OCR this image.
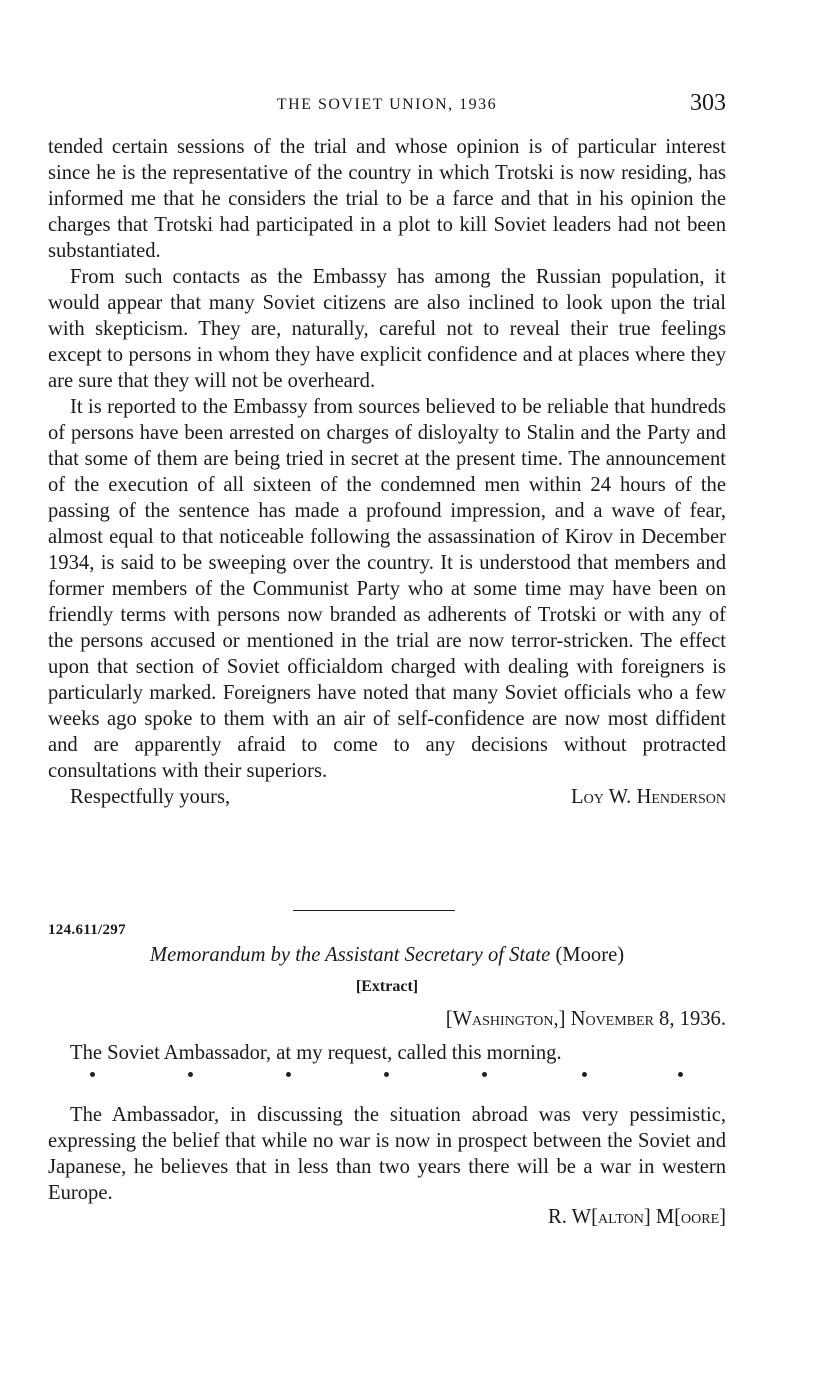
THE SOVIET UNION, 1936	303

tended certain sessions of the trial and whose opinion is of particular interest since he is the representative of the country in which Trotski is now residing, has informed me that he considers the trial to be a farce and that in his opinion the charges that Trotski had participated in a plot to kill Soviet leaders had not been substantiated.

From such contacts as the Embassy has among the Russian population, it would appear that many Soviet citizens are also inclined to look upon the trial with skepticism. They are, naturally, careful not to reveal their true feelings except to persons in whom they have explicit confidence and at places where they are sure that they will not be overheard.

It is reported to the Embassy from sources believed to be reliable that hundreds of persons have been arrested on charges of disloyalty to Stalin and the Party and that some of them are being tried in secret at the present time. The announcement of the execution of all sixteen of the condemned men within 24 hours of the passing of the sentence has made a profound impression, and a wave of fear, almost equal to that noticeable following the assassination of Kirov in December 1934, is said to be sweeping over the country. It is understood that members and former members of the Communist Party who at some time may have been on friendly terms with persons now branded as adherents of Trotski or with any of the persons accused or mentioned in the trial are now terror-stricken. The effect upon that section of Soviet officialdom charged with dealing with foreigners is particularly marked. Foreigners have noted that many Soviet officials who a few weeks ago spoke to them with an air of self-confidence are now most diffident and are apparently afraid to come to any decisions without protracted consultations with their superiors.

Respectfully yours,	Loy W. Henderson
124.611/297
Memorandum by the Assistant Secretary of State (Moore)
[Extract]
[Washington,] November 8, 1936.

The Soviet Ambassador, at my request, called this morning.

The Ambassador, in discussing the situation abroad was very pessimistic, expressing the belief that while no war is now in prospect between the Soviet and Japanese, he believes that in less than two years there will be a war in western Europe.

R. W[alton] M[oore]
